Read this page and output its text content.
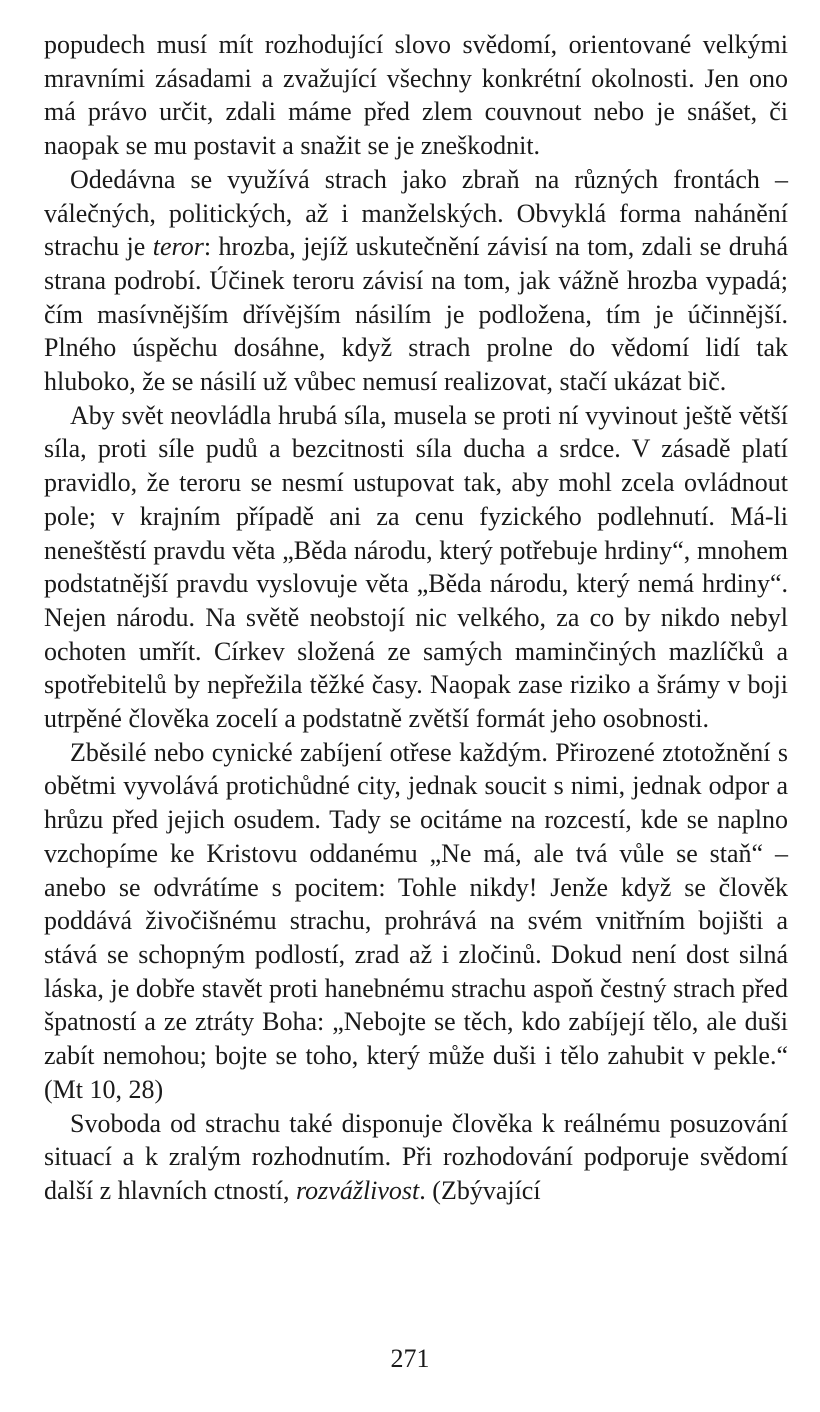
popudech musí mít rozhodující slovo svědomí, orientované velkými mravními zásadami a zvažující všechny konkrétní okolnosti. Jen ono má právo určit, zdali máme před zlem couvnout nebo je snášet, či naopak se mu postavit a snažit se je zneškodnit.

Odedávna se využívá strach jako zbraň na různých frontách – válečných, politických, až i manželských. Obvyklá forma nahánění strachu je teror: hrozba, jejíž uskutečnění závisí na tom, zdali se druhá strana podrobí. Účinek teroru závisí na tom, jak vážně hrozba vypadá; čím masívnějším dřívějším násilím je podložena, tím je účinnější. Plného úspěchu dosáhne, když strach prolne do vědomí lidí tak hluboko, že se násilí už vůbec nemusí realizovat, stačí ukázat bič.

Aby svět neovládla hrubá síla, musela se proti ní vyvinout ještě větší síla, proti síle pudů a bezcitnosti síla ducha a srdce. V zásadě platí pravidlo, že teroru se nesmí ustupovat tak, aby mohl zcela ovládnout pole; v krajním případě ani za cenu fyzického podlehnutí. Má-li neneštěstí pravdu věta „Běda národu, který potřebuje hrdiny“, mnohem podstatnější pravdu vyslovuje věta „Běda národu, který nemá hrdiny“. Nejen národu. Na světě neobstojí nic velkého, za co by nikdo nebyl ochoten umřít. Církev složená ze samých maminčiných mazlíčků a spotřebitelů by nepřežila těžké časy. Naopak zase riziko a šrámy v boji utrpěné člověka zocelí a podstatně zvětší formát jeho osobnosti.

Zběsilé nebo cynické zabíjení otřese každým. Přirozené ztotožnění s obětmi vyvolává protichůdné city, jednak soucit s nimi, jednak odpor a hrůzu před jejich osudem. Tady se ocitáme na rozcestí, kde se naplno vzchopíme ke Kristovu oddanému „Ne má, ale tvá vůle se staň“ – anebo se odvrátíme s pocitem: Tohle nikdy! Jenže když se člověk poddává živočišnému strachu, prohrává na svém vnitřním bojišti a stává se schopným podlostí, zrad až i zločinů. Dokud není dost silná láska, je dobře stavět proti hanebnému strachu aspoň čestný strach před špatností a ze ztráty Boha: „Nebojte se těch, kdo zabíjejí tělo, ale duši zabít nemohou; bojte se toho, který může duši i tělo zahubit v pekle.“ (Mt 10, 28)

Svoboda od strachu také disponuje člověka k reálnému posuzování situací a k zralým rozhodnutím. Při rozhodování podporuje svědomí další z hlavních ctností, rozvážlivost. (Zbývající

271
